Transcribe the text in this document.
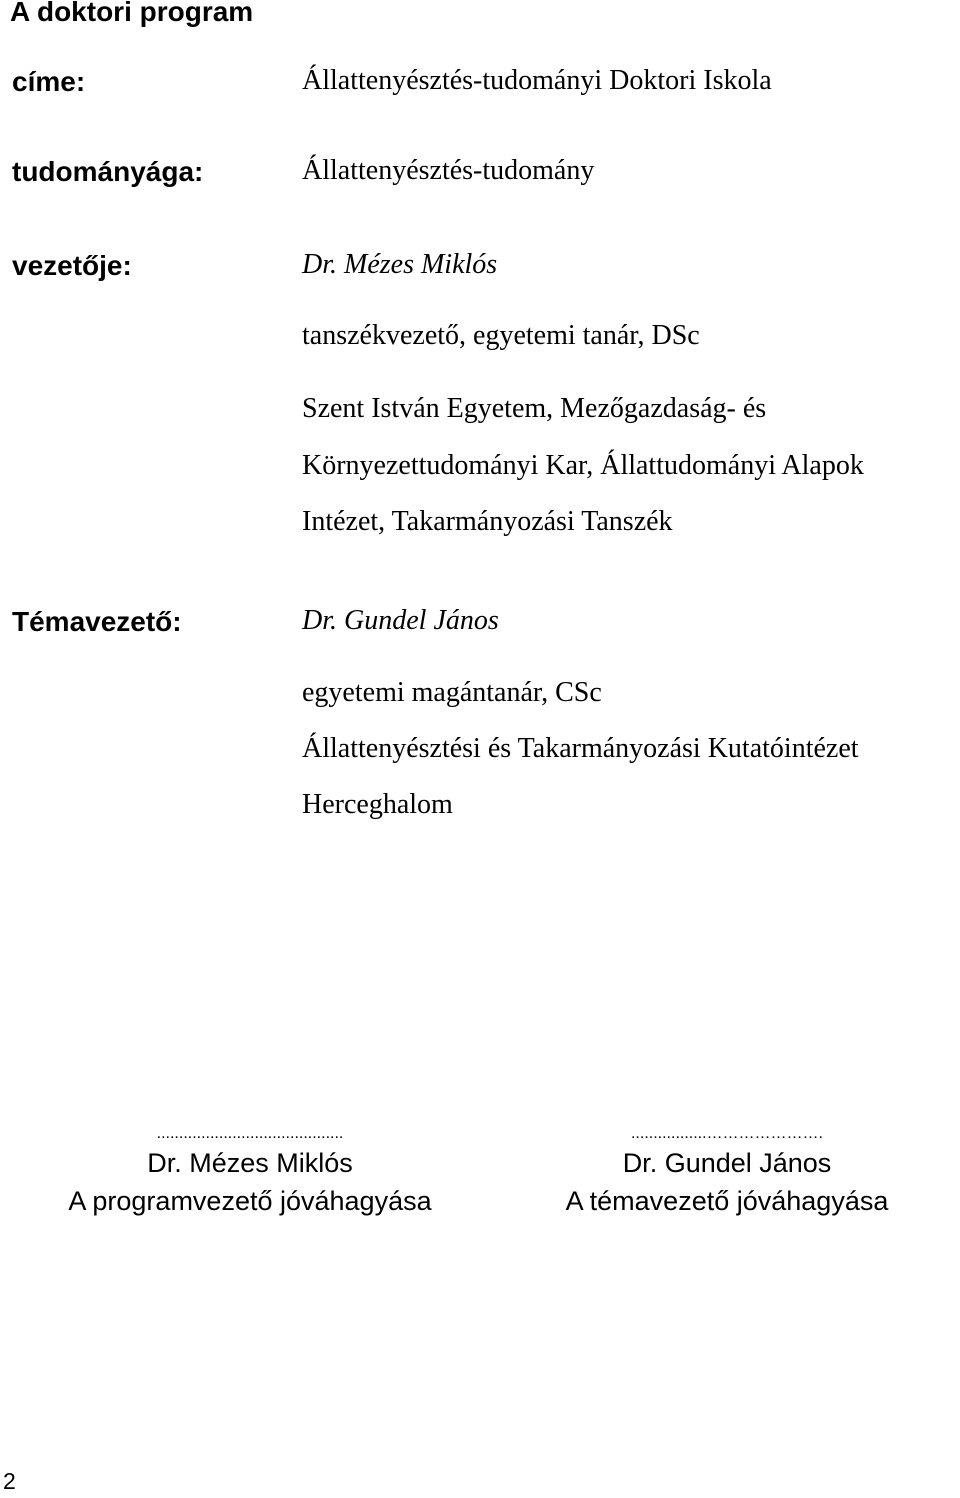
A doktori program
címe:	Állattenyésztés-tudományi Doktori Iskola
tudományága:	Állattenyésztés-tudomány
vezetője:	Dr. Mézes Miklós
tanszékvezető, egyetemi tanár, DSc
Szent István Egyetem, Mezőgazdaság- és
Környezettudományi Kar, Állattudományi Alapok
Intézet, Takarmányozási Tanszék
Témavezető:	Dr. Gundel János
egyetemi magántanár, CSc
Állattenyésztési és Takarmányozási Kutatóintézet
Herceghalom
..........................................
Dr. Mézes Miklós
A programvezető jóváhagyása
.................………………….
Dr. Gundel János
A témavezető jóváhagyása
2
